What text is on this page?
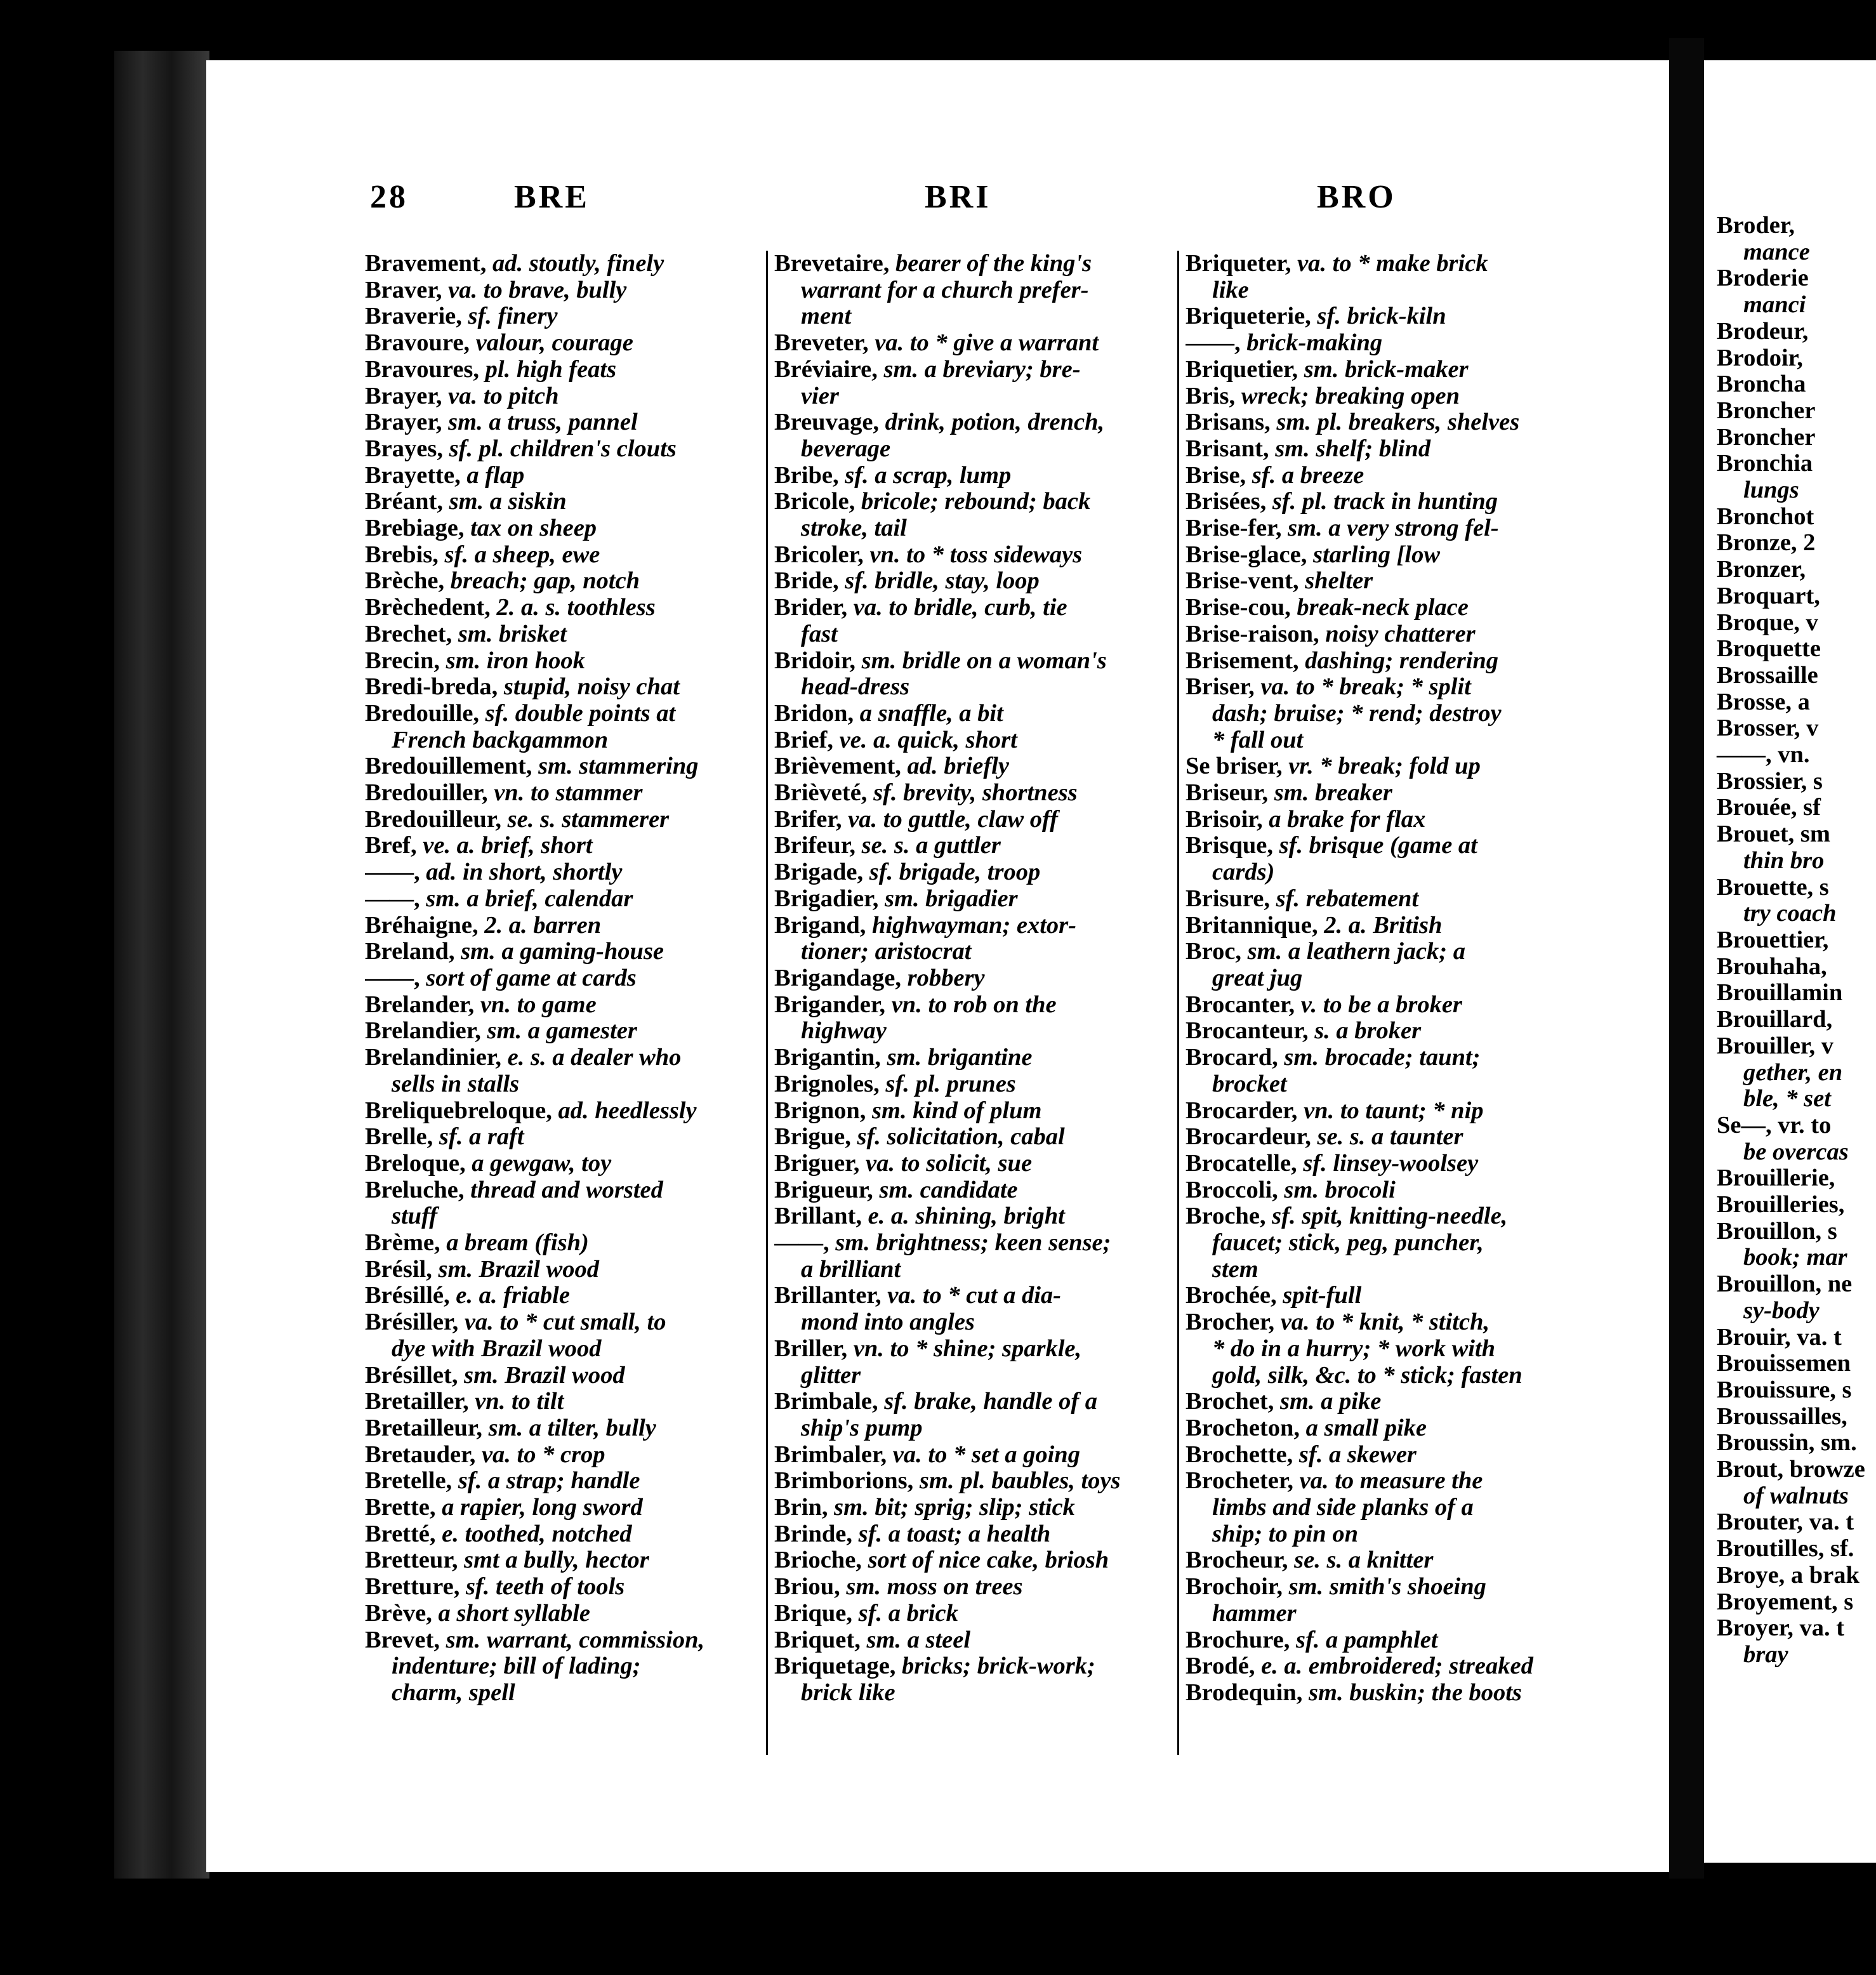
28	BRE	BRI	BRO
Bravement, ad. stoutly, finely
Braver, va. to brave, bully
Braverie, sf. finery
Bravoure, valour, courage
Bravoures, pl. high feats
Brayer, va. to pitch
Brayer, sm. a truss, pannel
Brayes, sf. pl. children's clouts
Brayette, a flap
Bréant, sm. a siskin
Brebiage, tax on sheep
Brebis, sf. a sheep, ewe
Brèche, breach; gap, notch
Brèchedent, 2. a. s. toothless
Brechet, sm. brisket
Brecin, sm. iron hook
Bredi-breda, stupid, noisy chat
Bredouille, sf. double points at
French backgammon
Bredouillement, sm. stammering
Bredouiller, vn. to stammer
Bredouilleur, se. s. stammerer
Bref, ve. a. brief, short
——, ad. in short, shortly
——, sm. a brief, calendar
Bréhaigne, 2. a. barren
Breland, sm. a gaming-house
——, sort of game at cards
Brelander, vn. to game
Brelandier, sm. a gamester
Brelandinier, e. s. a dealer who
sells in stalls
Breliquebreloque, ad. heedlessly
Brelle, sf. a raft
Breloque, a gewgaw, toy
Breluche, thread and worsted
stuff
Brème, a bream (fish)
Brésil, sm. Brazil wood
Brésillé, e. a. friable
Brésiller, va. to * cut small, to
dye with Brazil wood
Brésillet, sm. Brazil wood
Bretailler, vn. to tilt
Bretailleur, sm. a tilter, bully
Bretauder, va. to * crop
Bretelle, sf. a strap; handle
Brette, a rapier, long sword
Bretté, e. toothed, notched
Bretteur, smt a bully, hector
Bretture, sf. teeth of tools
Brève, a short syllable
Brevet, sm. warrant, commission,
indenture; bill of lading;
charm, spell
Brevetaire, bearer of the king's
warrant for a church prefer-
ment
Breveter, va. to * give a warrant
Bréviaire, sm. a breviary; bre-
vier
Breuvage, drink, potion, drench,
beverage
Bribe, sf. a scrap, lump
Bricole, bricole; rebound; back
stroke, tail
Bricoler, vn. to * toss sideways
Bride, sf. bridle, stay, loop
Brider, va. to bridle, curb, tie
fast
Bridoir, sm. bridle on a woman's
head-dress
Bridon, a snaffle, a bit
Brief, ve. a. quick, short
Brièvement, ad. briefly
Brièveté, sf. brevity, shortness
Brifer, va. to guttle, claw off
Brifeur, se. s. a guttler
Brigade, sf. brigade, troop
Brigadier, sm. brigadier
Brigand, highwayman; extor-
tioner; aristocrat
Brigandage, robbery
Brigander, vn. to rob on the
highway
Brigantin, sm. brigantine
Brignoles, sf. pl. prunes
Brignon, sm. kind of plum
Brigue, sf. solicitation, cabal
Briguer, va. to solicit, sue
Brigueur, sm. candidate
Brillant, e. a. shining, bright
——, sm. brightness; keen sense;
a brilliant
Brillanter, va. to * cut a dia-
mond into angles
Briller, vn. to * shine; sparkle,
glitter
Brimbale, sf. brake, handle of a
ship's pump
Brimbaler, va. to * set a going
Brimborions, sm. pl. baubles, toys
Brin, sm. bit; sprig; slip; stick
Brinde, sf. a toast; a health
Brioche, sort of nice cake, briosh
Briou, sm. moss on trees
Brique, sf. a brick
Briquet, sm. a steel
Briquetage, bricks; brick-work;
brick like
Briqueter, va. to * make brick
like
Briqueterie, sf. brick-kiln
——, brick-making
Briquetier, sm. brick-maker
Bris, wreck; breaking open
Brisans, sm. pl. breakers, shelves
Brisant, sm. shelf; blind
Brise, sf. a breeze
Brisées, sf. pl. track in hunting
Brise-fer, sm. a very strong fel-
Brise-glace, starling [low
Brise-vent, shelter
Brise-cou, break-neck place
Brise-raison, noisy chatterer
Brisement, dashing; rendering
Briser, va. to * break; * split
dash; bruise; * rend; destroy
* fall out
Se briser, vr. * break; fold up
Briseur, sm. breaker
Brisoir, a brake for flax
Brisque, sf. brisque (game at
cards)
Brisure, sf. rebatement
Britannique, 2. a. British
Broc, sm. a leathern jack; a
great jug
Brocanter, v. to be a broker
Brocanteur, s. a broker
Brocard, sm. brocade; taunt;
brocket
Brocarder, vn. to taunt; * nip
Brocardeur, se. s. a taunter
Brocatelle, sf. linsey-woolsey
Broccoli, sm. brocoli
Broche, sf. spit, knitting-needle,
faucet; stick, peg, puncher,
stem
Brochée, spit-full
Brocher, va. to * knit, * stitch,
* do in a hurry; * work with
gold, silk, &c. to * stick; fasten
Brochet, sm. a pike
Brocheton, a small pike
Brochette, sf. a skewer
Brocheter, va. to measure the
limbs and side planks of a
ship; to pin on
Brocheur, se. s. a knitter
Brochoir, sm. smith's shoeing
hammer
Brochure, sf. a pamphlet
Brodé, e. a. embroidered; streaked
Brodequin, sm. buskin; the boots
Broder,
mance
Broderie
manci
Brodeur,
Brodoir,
Broncha
Broncher
Broncher
Bronchia
lungs
Bronchot
Bronze, 2
Bronzer,
Broquart,
Broque, v
Broquette
Brossaille
Brosse, a
Brosser, v
——, vn.
Brossier, s
Brouée, sf
Brouet, sm
thin bro
Brouette, s
try coach
Brouettier,
Brouhaha,
Brouillamin
Brouillard,
Brouiller, v
gether, en
ble, * set
Se—, vr. to
be overcas
Brouillerie,
Brouilleries,
Brouillon, s
book; mar
Brouillon, ne
sy-body
Brouir, va. t
Brouissemen
Brouissure, s
Broussailles,
Broussin, sm.
Brout, browze
of walnuts
Brouter, va. t
Broutilles, sf.
Broye, a brak
Broyement, s
Broyer, va. t
bray
